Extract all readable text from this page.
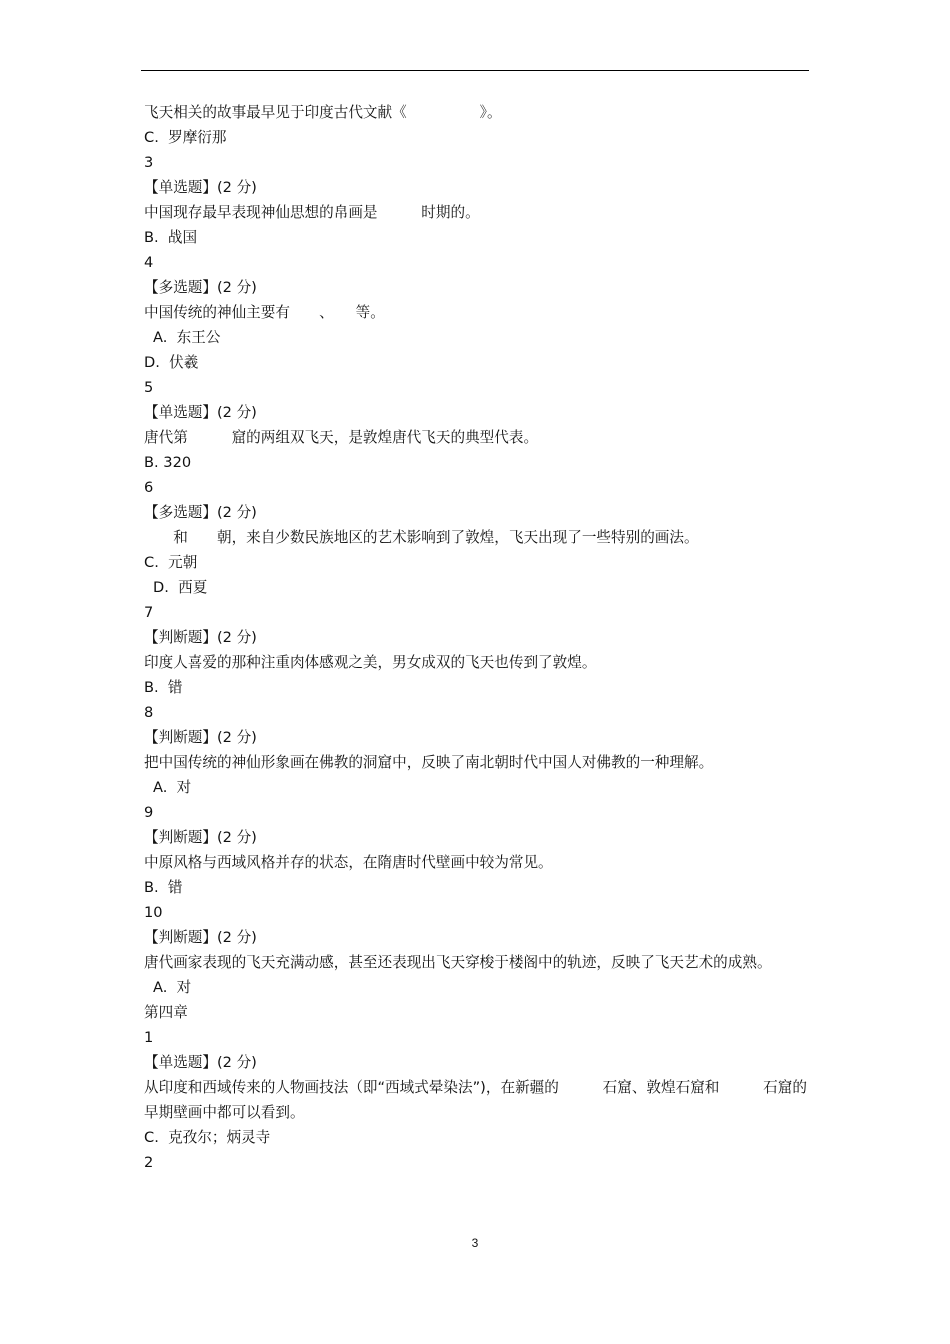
飞天相关的故事最早见于印度古代文献《　　　　　》。
C.  罗摩衍那
3
【单选题】(2 分)
中国现存最早表现神仙思想的帛画是　　　时期的。
B.  战国
4
【多选题】(2 分)
中国传统的神仙主要有　　、　　等。
A.  东王公
D.  伏羲
5
【单选题】(2 分)
唐代第　　　窟的两组双飞天，是敦煌唐代飞天的典型代表。
B. 320
6
【多选题】(2 分)
　　和　　朝，来自少数民族地区的艺术影响到了敦煌，飞天出现了一些特别的画法。
C.  元朝
D.  西夏
7
【判断题】(2 分)
印度人喜爱的那种注重肉体感观之美，男女成双的飞天也传到了敦煌。
B.  错
8
【判断题】(2 分)
把中国传统的神仙形象画在佛教的洞窟中，反映了南北朝时代中国人对佛教的一种理解。
A.  对
9
【判断题】(2 分)
中原风格与西域风格并存的状态，在隋唐时代壁画中较为常见。
B.  错
10
【判断题】(2 分)
唐代画家表现的飞天充满动感，甚至还表现出飞天穿梭于楼阁中的轨迹，反映了飞天艺术的成熟。
A.  对
第四章
1
【单选题】(2 分)
从印度和西域传来的人物画技法（即“西域式晕染法”)，在新疆的　　　石窟、敦煌石窟和　　　石窟的早期壁画中都可以看到。
C.  克孜尔；炳灵寺
2
3
